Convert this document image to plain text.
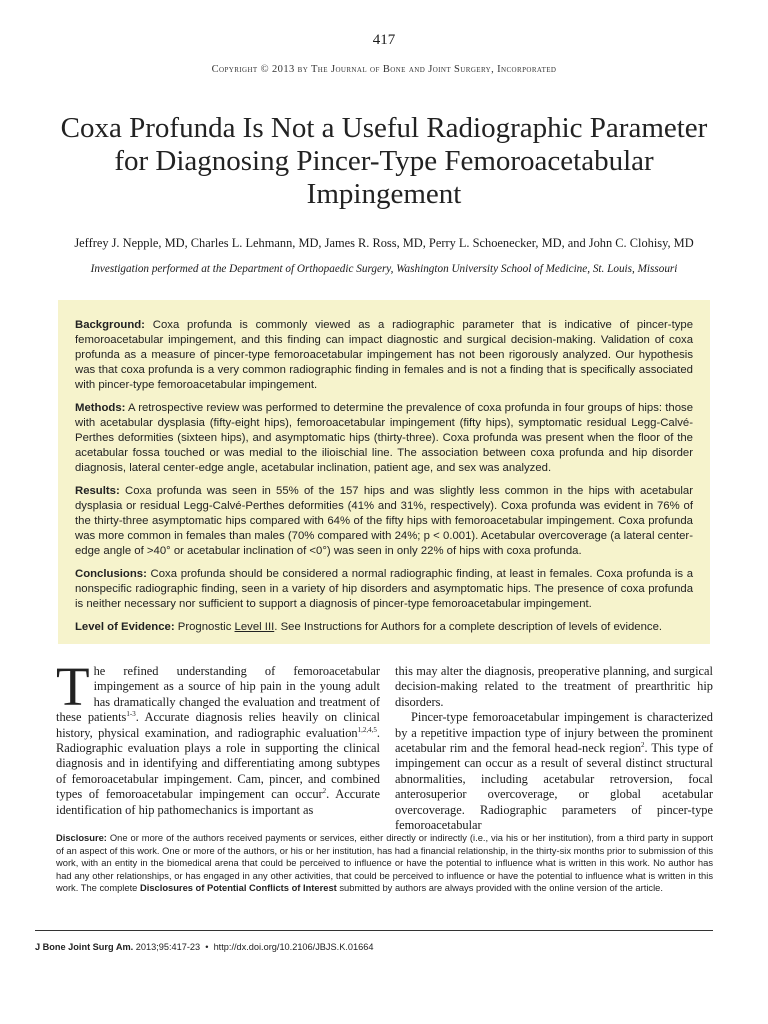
417
Copyright © 2013 by The Journal of Bone and Joint Surgery, Incorporated
Coxa Profunda Is Not a Useful Radiographic Parameter for Diagnosing Pincer-Type Femoroacetabular Impingement
Jeffrey J. Nepple, MD, Charles L. Lehmann, MD, James R. Ross, MD, Perry L. Schoenecker, MD, and John C. Clohisy, MD
Investigation performed at the Department of Orthopaedic Surgery, Washington University School of Medicine, St. Louis, Missouri

Background: Coxa profunda is commonly viewed as a radiographic parameter that is indicative of pincer-type femoroacetabular impingement, and this finding can impact diagnostic and surgical decision-making. Validation of coxa profunda as a measure of pincer-type femoroacetabular impingement has not been rigorously analyzed. Our hypothesis was that coxa profunda is a very common radiographic finding in females and is not a finding that is specifically associated with pincer-type femoroacetabular impingement.

Methods: A retrospective review was performed to determine the prevalence of coxa profunda in four groups of hips: those with acetabular dysplasia (fifty-eight hips), femoroacetabular impingement (fifty hips), symptomatic residual Legg-Calvé-Perthes deformities (sixteen hips), and asymptomatic hips (thirty-three). Coxa profunda was present when the floor of the acetabular fossa touched or was medial to the ilioischial line. The association between coxa profunda and hip disorder diagnosis, lateral center-edge angle, acetabular inclination, patient age, and sex was analyzed.

Results: Coxa profunda was seen in 55% of the 157 hips and was slightly less common in the hips with acetabular dysplasia or residual Legg-Calvé-Perthes deformities (41% and 31%, respectively). Coxa profunda was evident in 76% of the thirty-three asymptomatic hips compared with 64% of the fifty hips with femoroacetabular impingement. Coxa profunda was more common in females than males (70% compared with 24%; p < 0.001). Acetabular overcoverage (a lateral center-edge angle of >40° or acetabular inclination of <0°) was seen in only 22% of hips with coxa profunda.

Conclusions: Coxa profunda should be considered a normal radiographic finding, at least in females. Coxa profunda is a nonspecific radiographic finding, seen in a variety of hip disorders and asymptomatic hips. The presence of coxa profunda is neither necessary nor sufficient to support a diagnosis of pincer-type femoroacetabular impingement.

Level of Evidence: Prognostic Level III. See Instructions for Authors for a complete description of levels of evidence.

The refined understanding of femoroacetabular impingement as a source of hip pain in the young adult has dramatically changed the evaluation and treatment of these patients$^{1-3}$. Accurate diagnosis relies heavily on clinical history, physical examination, and radiographic evaluation$^{1,2,4,5}$. Radiographic evaluation plays a role in supporting the clinical diagnosis and in identifying and differentiating among subtypes of femoroacetabular impingement. Cam, pincer, and combined types of femoroacetabular impingement can occur$^2$. Accurate identification of hip pathomechanics is important as

this may alter the diagnosis, preoperative planning, and surgical decision-making related to the treatment of prearthritic hip disorders.

Pincer-type femoroacetabular impingement is characterized by a repetitive impaction type of injury between the prominent acetabular rim and the femoral head-neck region$^2$. This type of impingement can occur as a result of several distinct structural abnormalities, including acetabular retroversion, focal anterosuperior overcoverage, or global acetabular overcoverage. Radiographic parameters of pincer-type femoroacetabular

Disclosure: One or more of the authors received payments or services, either directly or indirectly (i.e., via his or her institution), from a third party in support of an aspect of this work. One or more of the authors, or his or her institution, has had a financial relationship, in the thirty-six months prior to submission of this work, with an entity in the biomedical arena that could be perceived to influence or have the potential to influence what is written in this work. No author has had any other relationships, or has engaged in any other activities, that could be perceived to influence or have the potential to influence what is written in this work. The complete Disclosures of Potential Conflicts of Interest submitted by authors are always provided with the online version of the article.
J Bone Joint Surg Am. 2013;95:417-23 • http://dx.doi.org/10.2106/JBJS.K.01664
